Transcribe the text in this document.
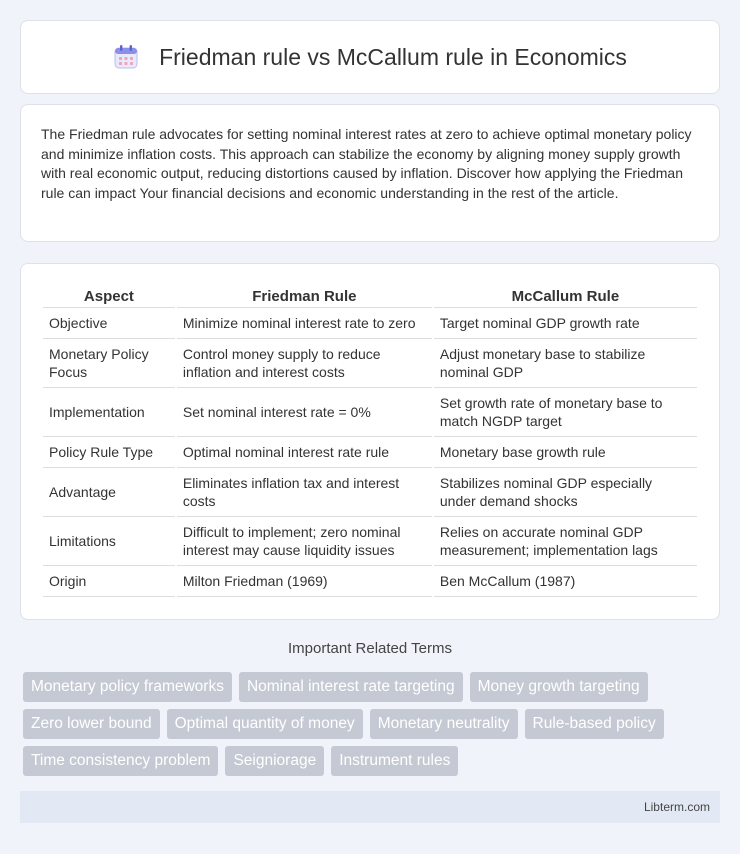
Friedman rule vs McCallum rule in Economics

The Friedman rule advocates for setting nominal interest rates at zero to achieve optimal monetary policy and minimize inflation costs. This approach can stabilize the economy by aligning money supply growth with real economic output, reducing distortions caused by inflation. Discover how applying the Friedman rule can impact Your financial decisions and economic understanding in the rest of the article.

Aspect	Friedman Rule	McCallum Rule
Objective	Minimize nominal interest rate to zero	Target nominal GDP growth rate
Monetary Policy Focus	Control money supply to reduce inflation and interest costs	Adjust monetary base to stabilize nominal GDP
Implementation	Set nominal interest rate = 0%	Set growth rate of monetary base to match NGDP target
Policy Rule Type	Optimal nominal interest rate rule	Monetary base growth rule
Advantage	Eliminates inflation tax and interest costs	Stabilizes nominal GDP especially under demand shocks
Limitations	Difficult to implement; zero nominal interest may cause liquidity issues	Relies on accurate nominal GDP measurement; implementation lags
Origin	Milton Friedman (1969)	Ben McCallum (1987)
Important Related Terms
Monetary policy frameworks	Nominal interest rate targeting	Money growth targeting
Zero lower bound	Optimal quantity of money	Monetary neutrality	Rule-based policy
Time consistency problem	Seigniorage	Instrument rules
Libterm.com
